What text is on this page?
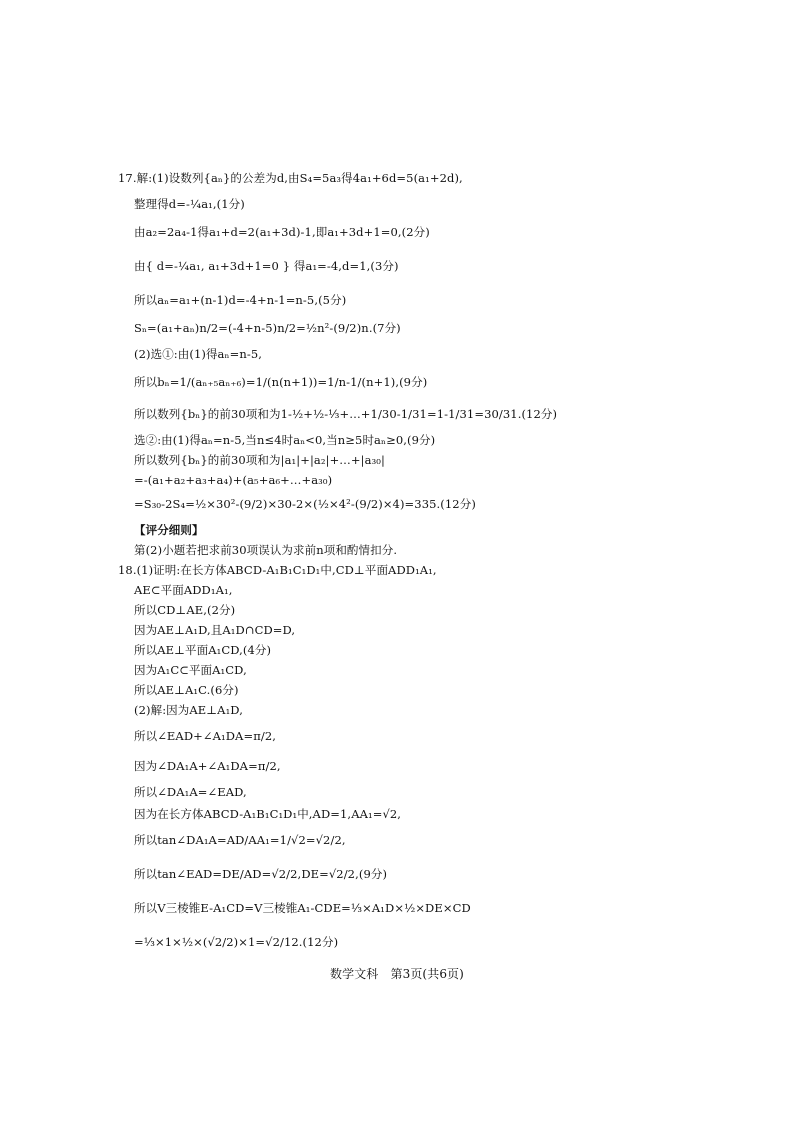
17.解:(1)设数列{aₙ}的公差为d,由S₄=5a₃得4a₁+6d=5(a₁+2d),
整理得d=-¼a₁,(1分)
由a₂=2a₄-1得a₁+d=2(a₁+3d)-1,即a₁+3d+1=0,(2分)
由{ d=-¼a₁, a₁+3d+1=0 } 得a₁=-4,d=1,(3分)
所以aₙ=a₁+(n-1)d=-4+n-1=n-5,(5分)
Sₙ=(a₁+aₙ)n/2=(-4+n-5)n/2=½n²-(9/2)n.(7分)
(2)选①:由(1)得aₙ=n-5,
所以bₙ=1/(aₙ₊₅aₙ₊₆)=1/(n(n+1))=1/n-1/(n+1),(9分)
所以数列{bₙ}的前30项和为1-½+½-⅓+…+1/30-1/31=1-1/31=30/31.(12分)
选②:由(1)得aₙ=n-5,当n≤4时aₙ<0,当n≥5时aₙ≥0,(9分)
所以数列{bₙ}的前30项和为|a₁|+|a₂|+…+|a₃₀|
=-(a₁+a₂+a₃+a₄)+(a₅+a₆+…+a₃₀)
=S₃₀-2S₄=½×30²-(9/2)×30-2×(½×4²-(9/2)×4)=335.(12分)
【评分细则】
第(2)小题若把求前30项误认为求前n项和酌情扣分.
18.(1)证明:在长方体ABCD-A₁B₁C₁D₁中,CD⊥平面ADD₁A₁,
AE⊂平面ADD₁A₁,
所以CD⊥AE,(2分)
因为AE⊥A₁D,且A₁D∩CD=D,
所以AE⊥平面A₁CD,(4分)
因为A₁C⊂平面A₁CD,
所以AE⊥A₁C.(6分)
(2)解:因为AE⊥A₁D,
所以∠EAD+∠A₁DA=π/2,
因为∠DA₁A+∠A₁DA=π/2,
所以∠DA₁A=∠EAD,
因为在长方体ABCD-A₁B₁C₁D₁中,AD=1,AA₁=√2,
所以tan∠DA₁A=AD/AA₁=1/√2=√2/2,
所以tan∠EAD=DE/AD=√2/2,DE=√2/2,(9分)
所以V三棱锥E-A₁CD=V三棱锥A₁-CDE=⅓×A₁D×½×DE×CD
=⅓×1×½×(√2/2)×1=√2/12.(12分)
数学文科　第3页(共6页)
